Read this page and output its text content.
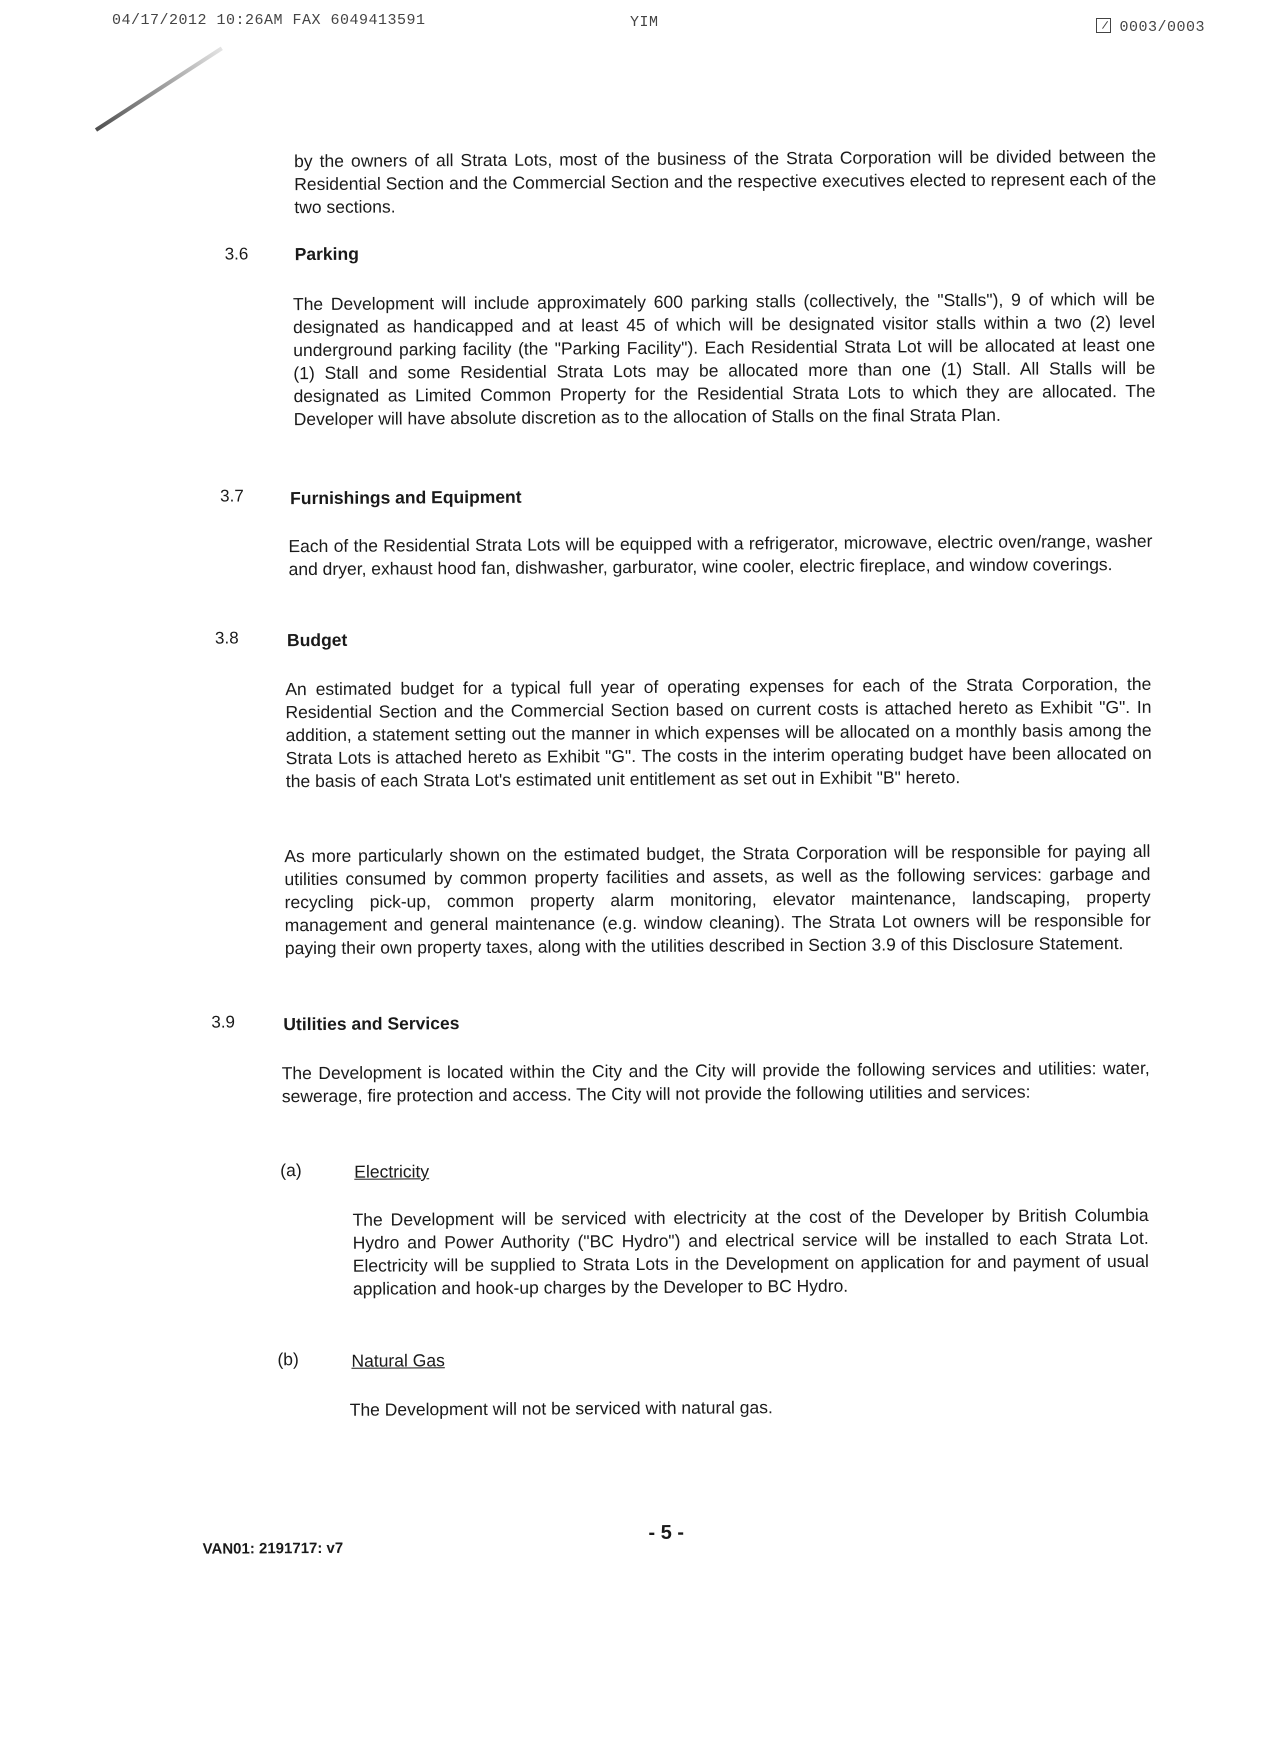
04/17/2012 10:26AM FAX 6049413591	YIM	0003/0003

by the owners of all Strata Lots, most of the business of the Strata Corporation will be divided between the Residential Section and the Commercial Section and the respective executives elected to represent each of the two sections.

3.6	Parking

The Development will include approximately 600 parking stalls (collectively, the "Stalls"), 9 of which will be designated as handicapped and at least 45 of which will be designated visitor stalls within a two (2) level underground parking facility (the "Parking Facility"). Each Residential Strata Lot will be allocated at least one (1) Stall and some Residential Strata Lots may be allocated more than one (1) Stall. All Stalls will be designated as Limited Common Property for the Residential Strata Lots to which they are allocated. The Developer will have absolute discretion as to the allocation of Stalls on the final Strata Plan.

3.7	Furnishings and Equipment

Each of the Residential Strata Lots will be equipped with a refrigerator, microwave, electric oven/range, washer and dryer, exhaust hood fan, dishwasher, garburator, wine cooler, electric fireplace, and window coverings.

3.8	Budget

An estimated budget for a typical full year of operating expenses for each of the Strata Corporation, the Residential Section and the Commercial Section based on current costs is attached hereto as Exhibit "G". In addition, a statement setting out the manner in which expenses will be allocated on a monthly basis among the Strata Lots is attached hereto as Exhibit "G". The costs in the interim operating budget have been allocated on the basis of each Strata Lot's estimated unit entitlement as set out in Exhibit "B" hereto.

As more particularly shown on the estimated budget, the Strata Corporation will be responsible for paying all utilities consumed by common property facilities and assets, as well as the following services: garbage and recycling pick-up, common property alarm monitoring, elevator maintenance, landscaping, property management and general maintenance (e.g. window cleaning). The Strata Lot owners will be responsible for paying their own property taxes, along with the utilities described in Section 3.9 of this Disclosure Statement.

3.9	Utilities and Services

The Development is located within the City and the City will provide the following services and utilities: water, sewerage, fire protection and access. The City will not provide the following utilities and services:

(a)	Electricity

The Development will be serviced with electricity at the cost of the Developer by British Columbia Hydro and Power Authority ("BC Hydro") and electrical service will be installed to each Strata Lot. Electricity will be supplied to Strata Lots in the Development on application for and payment of usual application and hook-up charges by the Developer to BC Hydro.

(b)	Natural Gas

The Development will not be serviced with natural gas.

- 5 -
VAN01: 2191717: v7
